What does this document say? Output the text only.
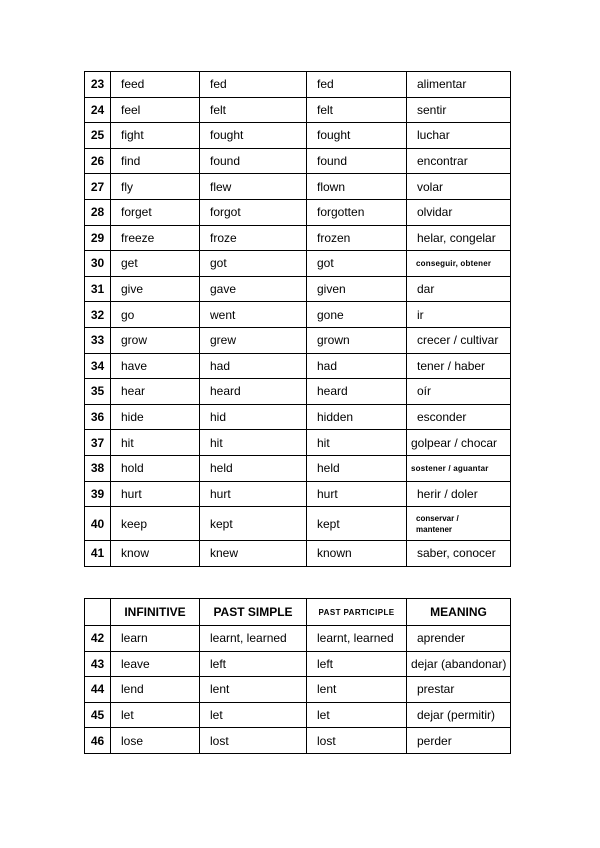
23	feed	fed	fed	alimentar
24	feel	felt	felt	sentir
25	fight	fought	fought	luchar
26	find	found	found	encontrar
27	fly	flew	flown	volar
28	forget	forgot	forgotten	olvidar
29	freeze	froze	frozen	helar, congelar
30	get	got	got	conseguir, obtener
31	give	gave	given	dar
32	go	went	gone	ir
33	grow	grew	grown	crecer / cultivar
34	have	had	had	tener / haber
35	hear	heard	heard	oír
36	hide	hid	hidden	esconder
37	hit	hit	hit	golpear / chocar
38	hold	held	held	sostener / aguantar
39	hurt	hurt	hurt	herir / doler
40	keep	kept	kept	conservar /
mantener
41	know	knew	known	saber, conocer
	INFINITIVE	PAST SIMPLE	PAST PARTICIPLE	MEANING
42	learn	learnt, learned	learnt, learned	aprender
43	leave	left	left	dejar (abandonar)
44	lend	lent	lent	prestar
45	let	let	let	dejar (permitir)
46	lose	lost	lost	perder
